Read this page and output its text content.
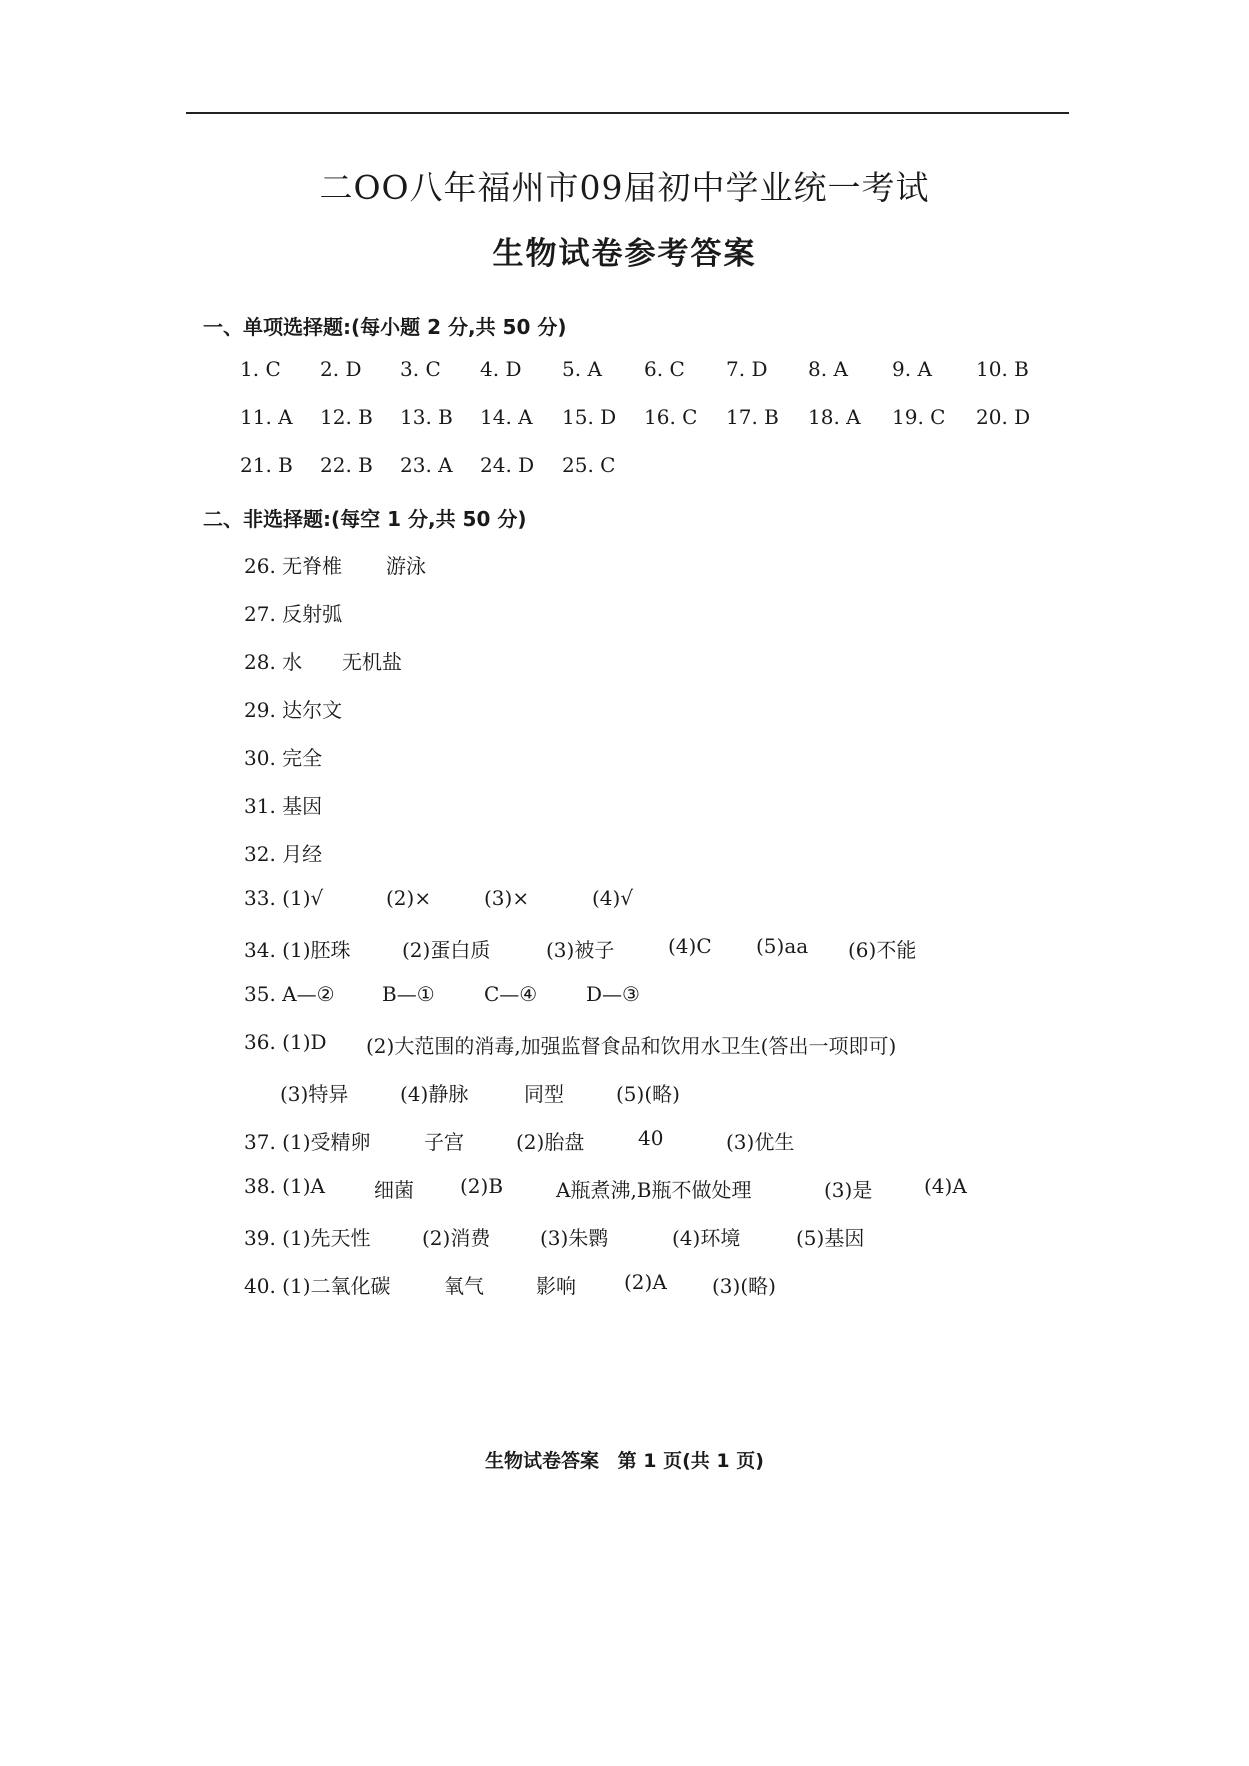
二OO八年福州市09届初中学业统一考试
生物试卷参考答案
一、单项选择题:(每小题 2 分,共 50 分)
1. C 2. D 3. C 4. D 5. A 6. C 7. D 8. A 9. A 10. B
11. A 12. B 13. B 14. A 15. D 16. C 17. B 18. A 19. C 20. D
21. B 22. B 23. A 24. D 25. C
二、非选择题:(每空 1 分,共 50 分)
26. 无脊椎 游泳
27. 反射弧
28. 水 无机盐
29. 达尔文
30. 完全
31. 基因
32. 月经
33. (1)√	(2)×	(3)×	(4)√
34. (1)胚珠	(2)蛋白质	(3)被子	(4)C (5)aa (6)不能
35. A—② B—① C—④ D—③
36. (1)D (2)大范围的消毒,加强监督食品和饮用水卫生(答出一项即可)
(3)特异	(4)静脉	同型	(5)(略)
37. (1)受精卵	子宫	(2)胎盘	40	(3)优生
38. (1)A 细菌 (2)B	A瓶煮沸,B瓶不做处理	(3)是	(4)A
39. (1)先天性	(2)消费 (3)朱鹮	(4)环境	(5)基因
40. (1)二氧化碳	氧气	影响 (2)A (3)(略)
生物试卷答案 第 1 页(共 1 页)
